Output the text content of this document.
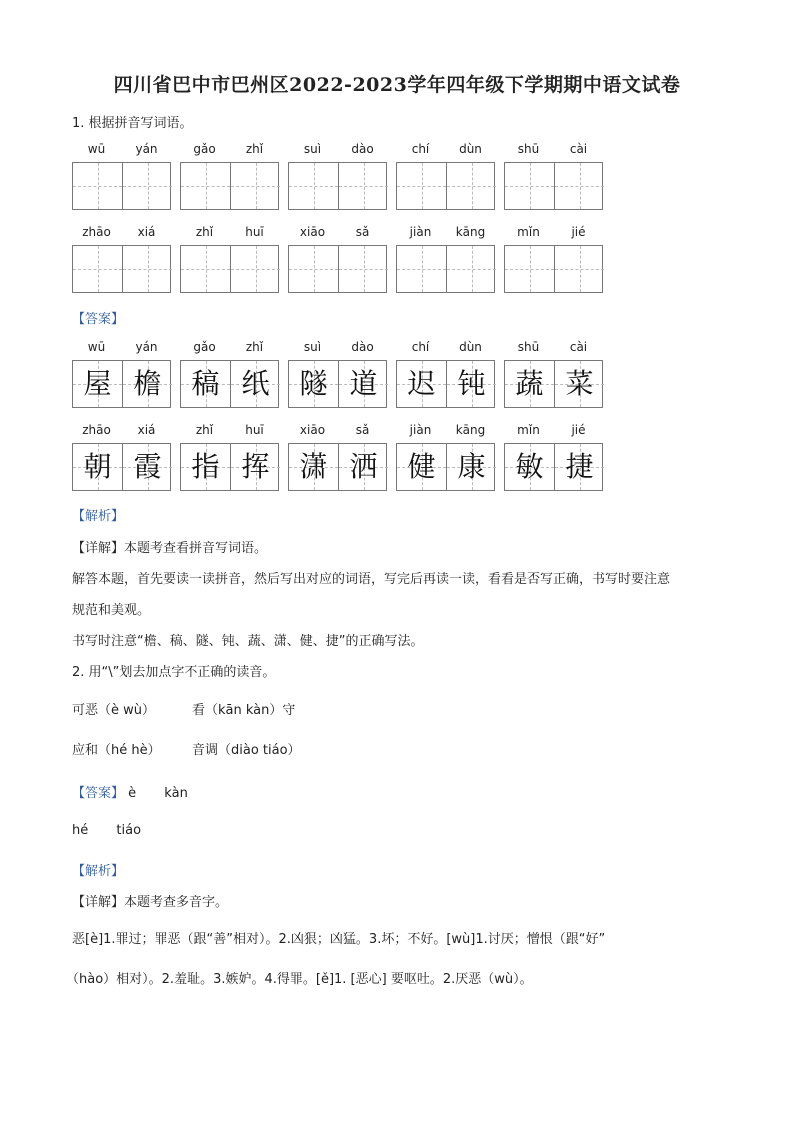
四川省巴中市巴州区2022-2023学年四年级下学期期中语文试卷
1. 根据拼音写词语。
wū	yán	gǎo	zhǐ	suì	dào	chí	dùn	shū	cài
zhāo	xiá	zhǐ	huī	xiāo	sǎ	jiàn	kāng	mǐn	jié
【答案】
wū	yán
屋 檐
gǎo	zhǐ
稿 纸
suì	dào
隧 道
chí	dùn
迟 钝
shū	cài
蔬 菜
zhāo	xiá
朝 霞
zhǐ	huī
指 挥
xiāo	sǎ
潇 洒
jiàn	kāng
健 康
mǐn	jié
敏 捷
【解析】
【详解】本题考查看拼音写词语。
解答本题，首先要读一读拼音，然后写出对应的词语，写完后再读一读，看看是否写正确，书写时要注意
规范和美观。
书写时注意“檐、稿、隧、钝、蔬、潇、健、捷”的正确写法。
2. 用“\”划去加点字不正确的读音。
可恶（è wù）	看（kān kàn）守
应和（hé hè） 音调（diào tiáo）
【答案】 è kàn
hé tiáo
【解析】
【详解】本题考查多音字。
恶[è]1.罪过；罪恶（跟“善”相对）。2.凶狠；凶猛。3.坏；不好。[wù]1.讨厌；憎恨（跟“好”
（hào）相对）。2.羞耻。3.嫉妒。4.得罪。[ě]1. [恶心] 要呕吐。2.厌恶（wù）。
